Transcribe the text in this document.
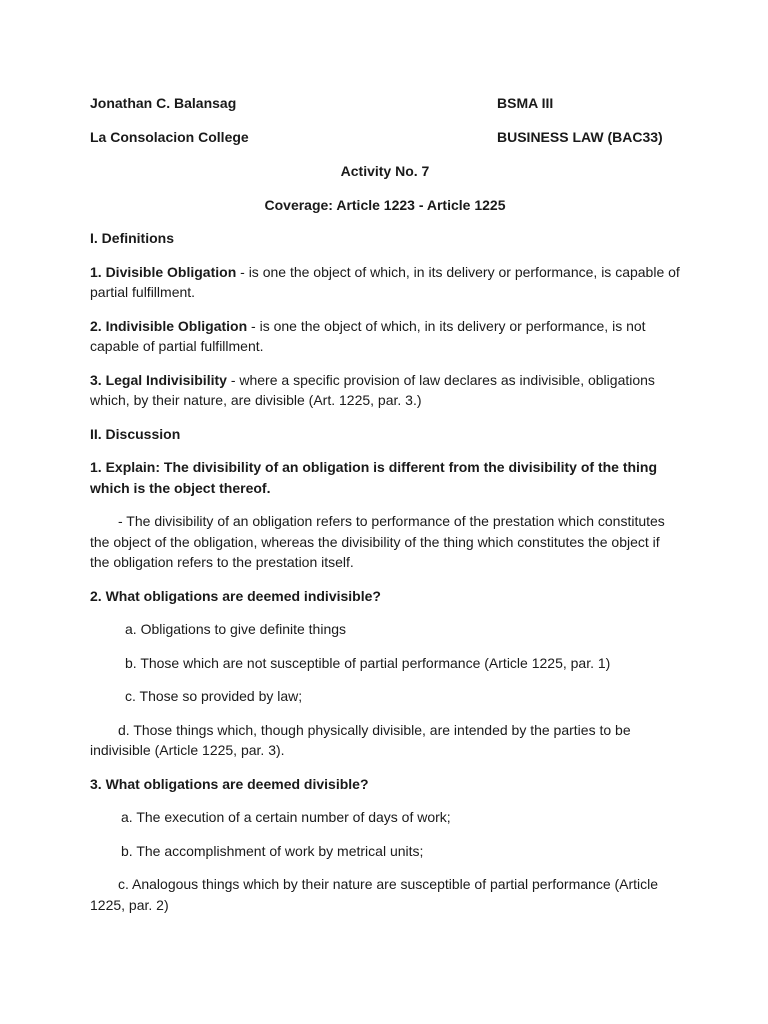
Jonathan C. Balansag	BSMA III
La Consolacion College	BUSINESS LAW (BAC33)

Activity No. 7

Coverage: Article 1223 - Article 1225

I. Definitions

1. Divisible Obligation - is one the object of which, in its delivery or performance, is capable of partial fulfillment.

2. Indivisible Obligation - is one the object of which, in its delivery or performance, is not capable of partial fulfillment.

3. Legal Indivisibility - where a specific provision of law declares as indivisible, obligations which, by their nature, are divisible (Art. 1225, par. 3.)

II. Discussion

1. Explain: The divisibility of an obligation is different from the divisibility of the thing which is the object thereof.

- The divisibility of an obligation refers to performance of the prestation which constitutes the object of the obligation, whereas the divisibility of the thing which constitutes the object if the obligation refers to the prestation itself.

2. What obligations are deemed indivisible?

a. Obligations to give definite things

b. Those which are not susceptible of partial performance (Article 1225, par. 1)

c. Those so provided by law;

d. Those things which, though physically divisible, are intended by the parties to be indivisible (Article 1225, par. 3).

3. What obligations are deemed divisible?

a. The execution of a certain number of days of work;

b. The accomplishment of work by metrical units;

c. Analogous things which by their nature are susceptible of partial performance (Article 1225, par. 2)
